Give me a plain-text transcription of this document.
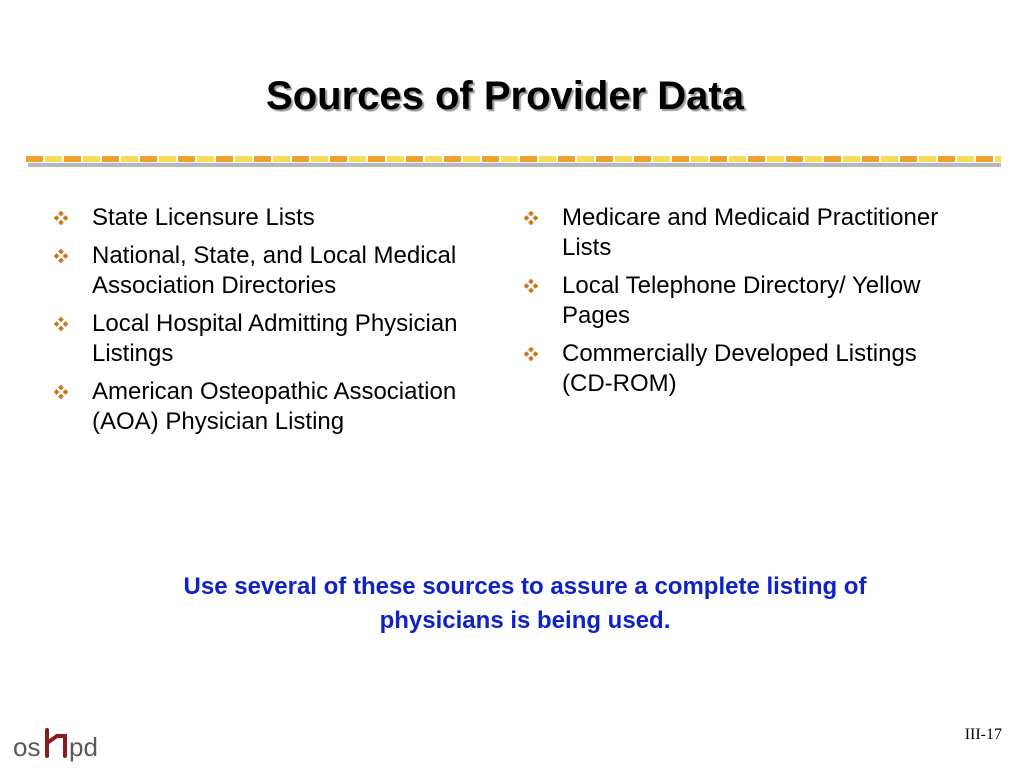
Sources of Provider Data
State Licensure Lists
National, State, and Local Medical Association Directories
Local Hospital Admitting Physician Listings
American Osteopathic Association (AOA) Physician Listing
Medicare and Medicaid Practitioner Lists
Local Telephone Directory/ Yellow Pages
Commercially Developed Listings (CD-ROM)
Use several of these sources to assure a complete listing of physicians is being used.
os pd	III-17
